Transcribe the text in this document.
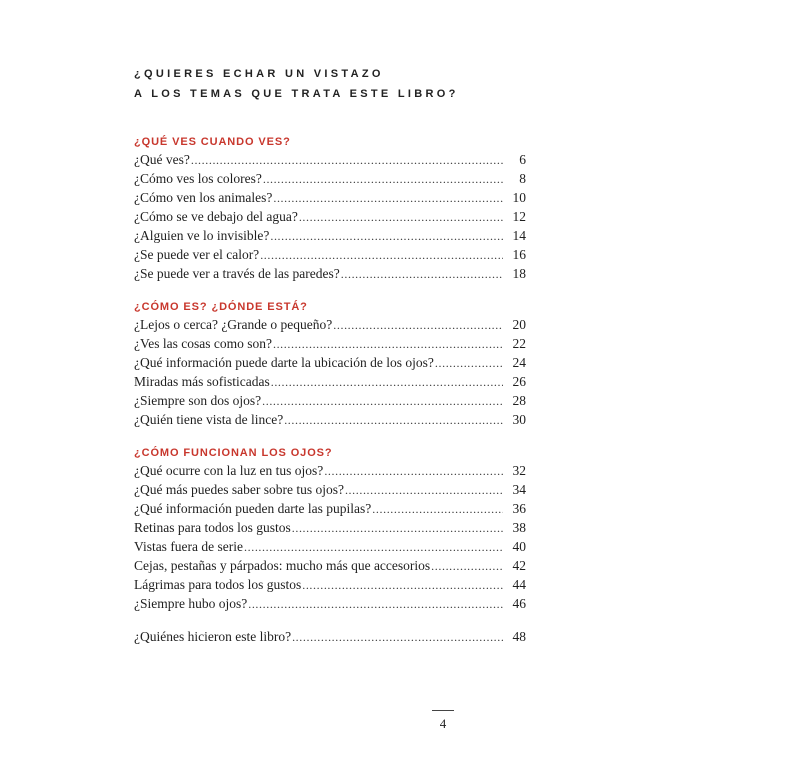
¿QUIERES ECHAR UN VISTAZO
A LOS TEMAS QUE TRATA ESTE LIBRO?
¿QUÉ VES CUANDO VES?
¿Qué ves? .....	6
¿Cómo ves los colores? .....	8
¿Cómo ven los animales? .....	10
¿Cómo se ve debajo del agua? .....	12
¿Alguien ve lo invisible? .....	14
¿Se puede ver el calor? .....	16
¿Se puede ver a través de las paredes? .....	18
¿CÓMO ES? ¿DÓNDE ESTÁ?
¿Lejos o cerca? ¿Grande o pequeño? .....	20
¿Ves las cosas como son? .....	22
¿Qué información puede darte la ubicación de los ojos? .....	24
Miradas más sofisticadas .....	26
¿Siempre son dos ojos? .....	28
¿Quién tiene vista de lince? .....	30
¿CÓMO FUNCIONAN LOS OJOS?
¿Qué ocurre con la luz en tus ojos? .....	32
¿Qué más puedes saber sobre tus ojos? .....	34
¿Qué información pueden darte las pupilas? .....	36
Retinas para todos los gustos .....	38
Vistas fuera de serie .....	40
Cejas, pestañas y párpados: mucho más que accesorios .....	42
Lágrimas para todos los gustos .....	44
¿Siempre hubo ojos? .....	46
¿Quiénes hicieron este libro? .....	48
4
